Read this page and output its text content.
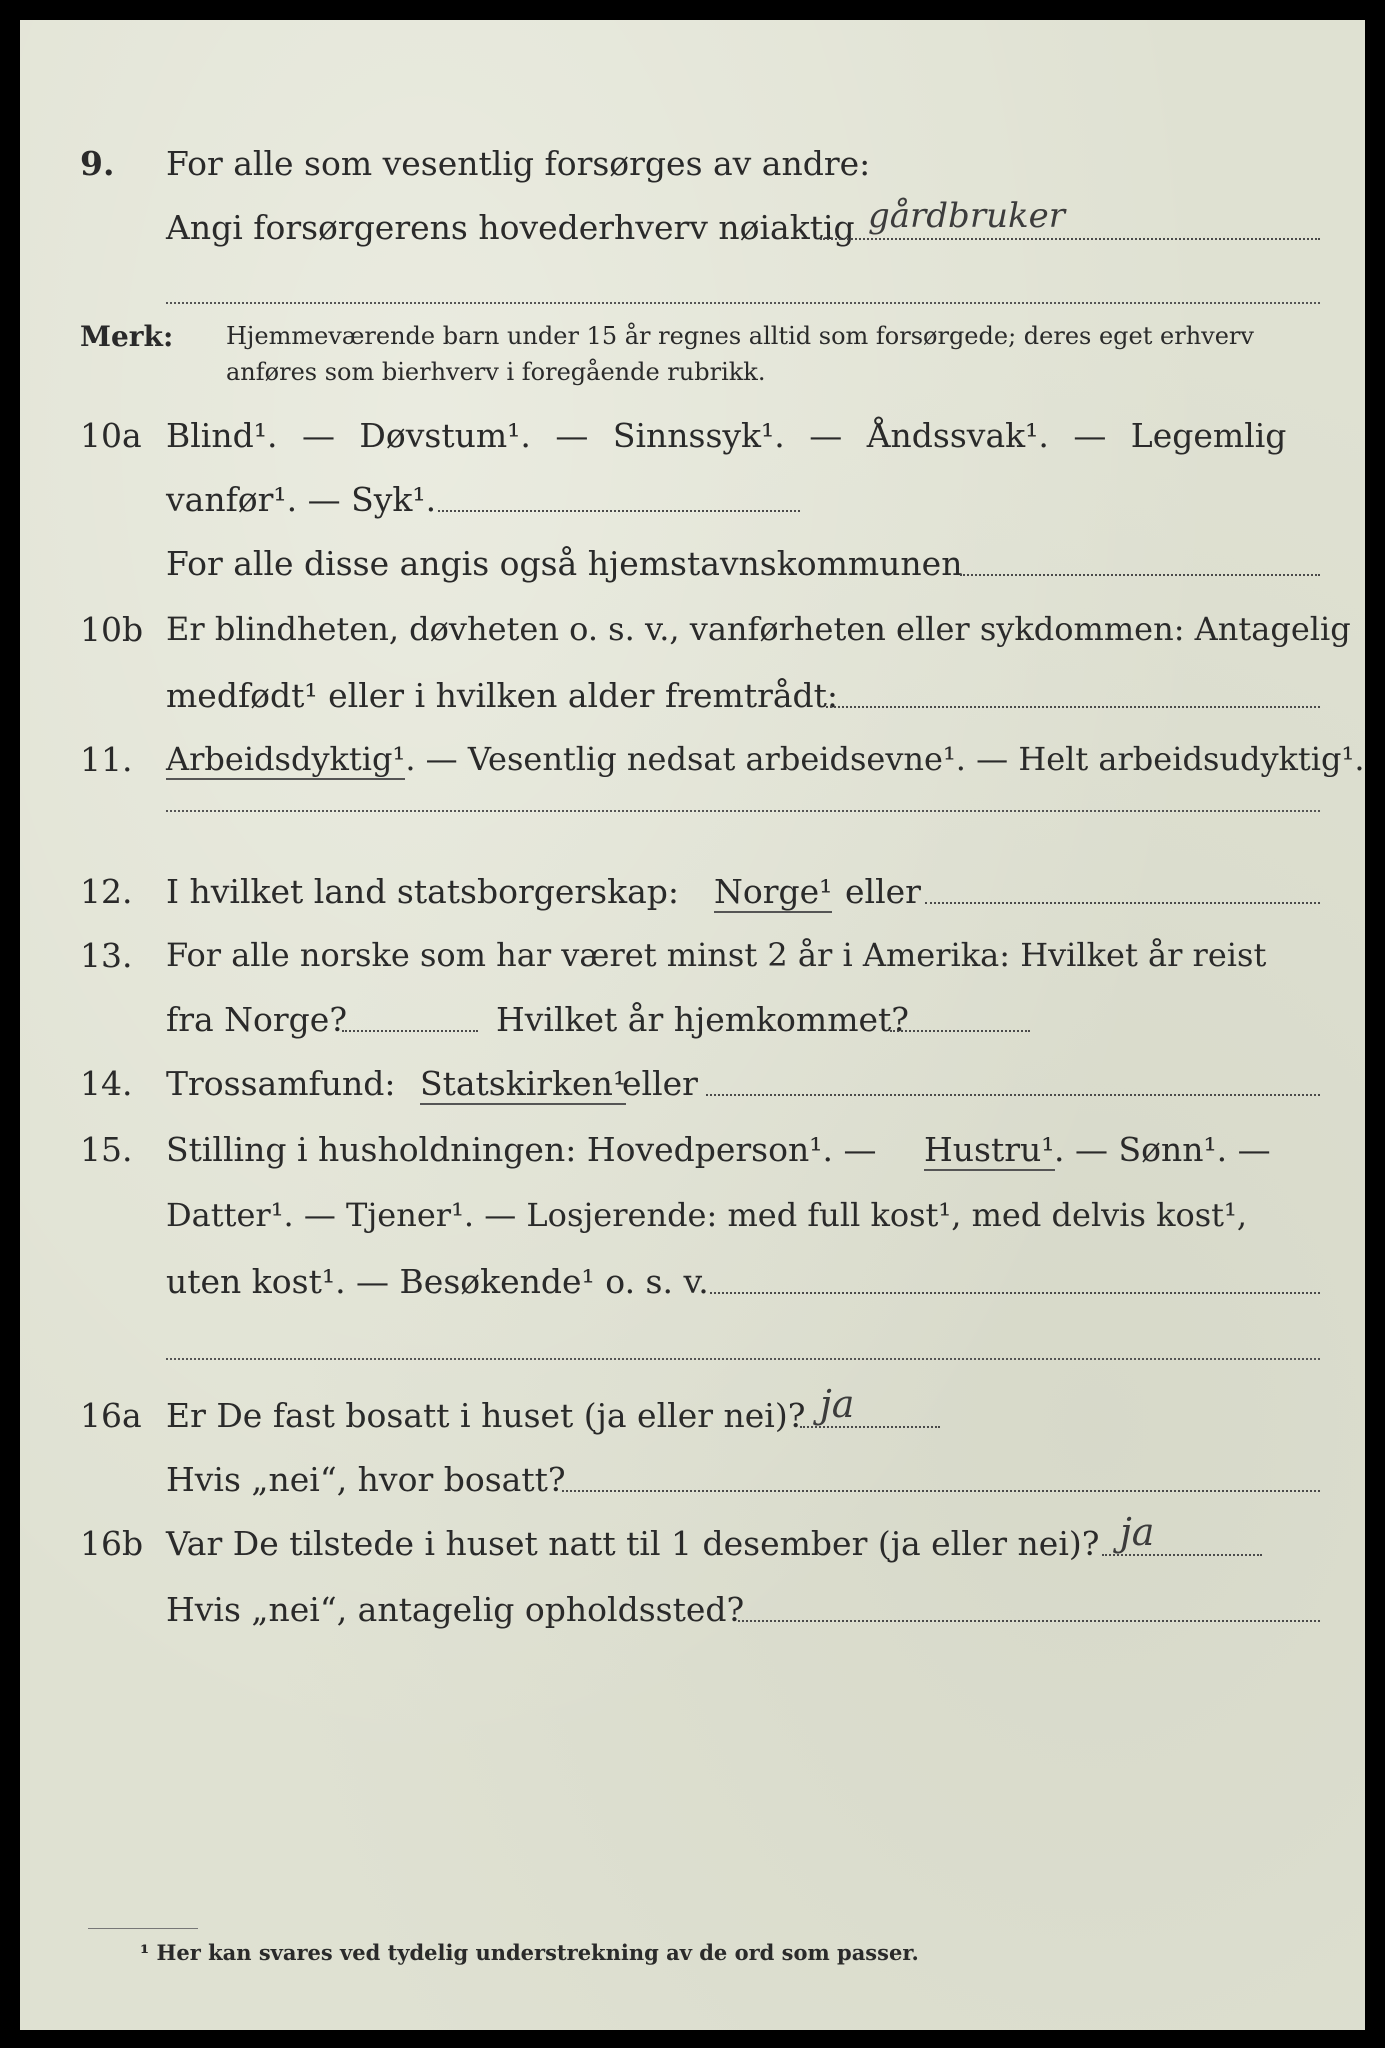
9. For alle som vesentlig forsørges av andre:
Angi forsørgerens hovederhverv nøiaktig gårdbruker
Merk: Hjemmeværende barn under 15 år regnes alltid som forsørgede; deres eget erhverv
anføres som bierhverv i foregående rubrikk.
10a Blind¹. — Døvstum¹. — Sinnssyk¹. — Åndssvak¹. — Legemlig
vanfør¹. — Syk¹.
For alle disse angis også hjemstavnskommunen
10b Er blindheten, døvheten o. s. v., vanførheten eller sykdommen: Antagelig
medfødt¹ eller i hvilken alder fremtrådt:
11. Arbeidsdyktig¹. — Vesentlig nedsat arbeidsevne¹. — Helt arbeidsudyktig¹.
12. I hvilket land statsborgerskap: Norge¹ eller
13. For alle norske som har været minst 2 år i Amerika: Hvilket år reist
fra Norge?	Hvilket år hjemkommet?
14. Trossamfund: Statskirken¹
eller
15. Stilling i husholdningen: Hovedperson¹. — Hustru¹ . — Sønn¹. —
Datter¹. — Tjener¹. — Losjerende: med full kost¹, med delvis kost¹,
uten kost¹. — Besøkende¹ o. s. v.
16a Er De fast bosatt i huset (ja eller nei)? ja
Hvis „nei“, hvor bosatt?
16b Var De tilstede i huset natt til 1 desember (ja eller nei)? ja
Hvis „nei“, antagelig opholdssted?
¹ Her kan svares ved tydelig understrekning av de ord som passer.
